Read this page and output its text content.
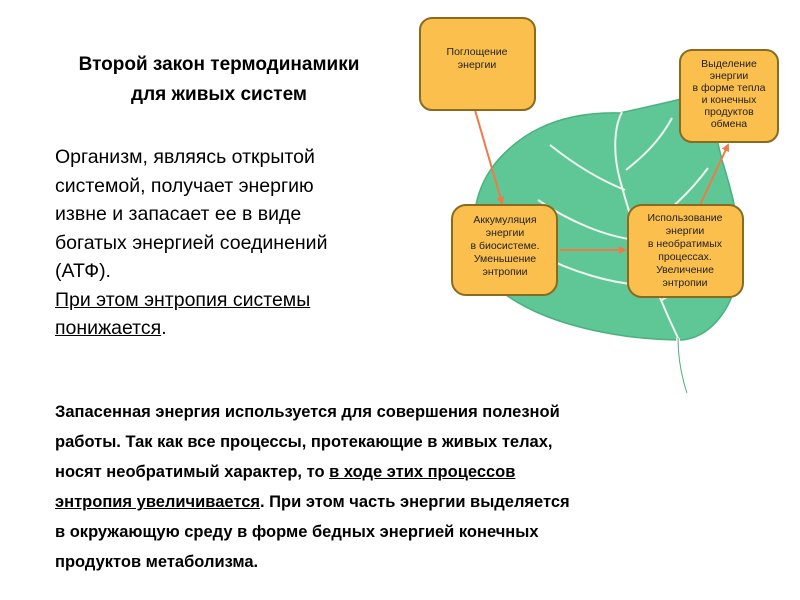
Второй закон термодинамики
для живых систем
Организм, являясь открытой
системой, получает энергию
извне и запасает ее в виде
богатых энергией соединений
(АТФ).
При этом энтропия системы
понижается.
Поглощение
энергии	Выделение
энергии
в форме тепла
и конечных
продуктов
обмена
Аккумуляция
энергии
в биосистеме.
Уменьшение
энтропии
Использование
энергии
в необратимых
процессах.
Увеличение
энтропии
Запасенная энергия используется для совершения полезной
работы. Так как все процессы, протекающие в живых телах,
носят необратимый характер, то в ходе этих процессов
энтропия увеличивается. При этом часть энергии выделяется
в окружающую среду в форме бедных энергией конечных
продуктов метаболизма.
